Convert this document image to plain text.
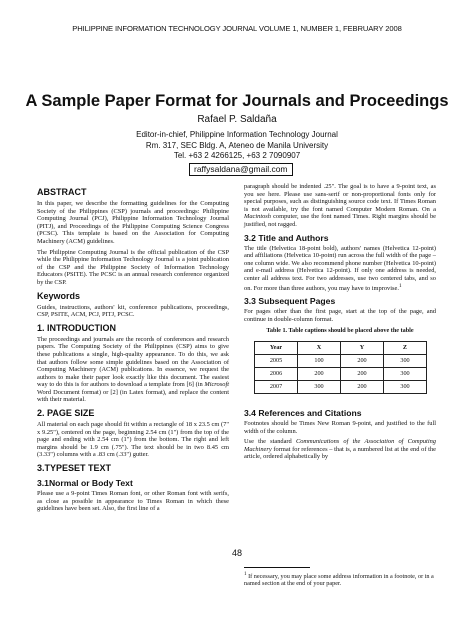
PHILIPPINE INFORMATION TECHNOLOGY JOURNAL VOLUME 1, NUMBER 1, FEBRUARY 2008
A Sample Paper Format for Journals and Proceedings
Rafael P. Saldaña
Editor-in-chief, Philippine Information Technology Journal
Rm. 317, SEC Bldg. A, Ateneo de Manila University
Tel. +63 2 4266125, +63 2 7090907
raffysaldana@gmail.com
ABSTRACT

In this paper, we describe the formatting guidelines for the Computing Society of the Philippines (CSP) journals and proceedings: Philippine Computing Journal (PCJ), Philippine Information Technology Journal (PITJ), and Proceedings of the Philippine Computing Science Congress (PCSC). This template is based on the Association for Computing Machinery (ACM) guidelines.

The Philippine Computing Journal is the official publication of the CSP while the Philippine Information Technology Journal is a joint publication of the CSP and the Philippine Society of Information Technology Educators (PSITE). The PCSC is an annual research conference organized by the CSP.

Keywords

Guides, instructions, authors' kit, conference publications, proceedings, CSP, PSITE, ACM, PCJ, PITJ, PCSC.

1. INTRODUCTION

The proceedings and journals are the records of conferences and research papers. The Computing Society of the Philippines (CSP) aims to give these publications a single, high-quality appearance. To do this, we ask that authors follow some simple guidelines based on the Association of Computing Machinery (ACM) publications. In essence, we request the authors to make their paper look exactly like this document. The easiest way to do this is for authors to download a template from [6] (in Microsoft Word Document format) or [2] (in Latex format), and replace the content with their material.

2. PAGE SIZE

All material on each page should fit within a rectangle of 18 x 23.5 cm (7" x 9.25"), centered on the page, beginning 2.54 cm (1") from the top of the page and ending with 2.54 cm (1") from the bottom. The right and left margins should be 1.9 cm (.75"). The text should be in two 8.45 cm (3.33") columns with a .83 cm (.33") gutter.

3.TYPESET TEXT
3.1Normal or Body Text

Please use a 9-point Times Roman font, or other Roman font with serifs, as close as possible in appearance to Times Roman in which these guidelines have been set. Also, the first line of a

paragraph should be indented .25". The goal is to have a 9-point text, as you see here. Please use sans-serif or non-proportional fonts only for special purposes, such as distinguishing source code text. If Times Roman is not available, try the font named Computer Modern Roman. On a Macintosh computer, use the font named Times. Right margins should be justified, not ragged.

3.2 Title and Authors

The title (Helvetica 18-point bold), authors' names (Helvetica 12-point) and affiliations (Helvetica 10-point) run across the full width of the page – one column wide. We also recommend phone number (Helvetica 10-point) and e-mail address (Helvetica 12-point). If only one address is needed, center all address text. For two addresses, use two centered tabs, and so on. For more than three authors, you may have to improvise.$^1$

3.3 Subsequent Pages

For pages other than the first page, start at the top of the page, and continue in double-column format.

Table 1. Table captions should be placed above the table
Year	X	Y	Z
2005	100	200	300
2006	200	200	300
2007	300	200	300
3.4 References and Citations

Footnotes should be Times New Roman 9-point, and justified to the full width of the column.

Use the standard Communications of the Association of Computing Machinery format for references – that is, a numbered list at the end of the article, ordered alphabetically by

48
$^1$ If necessary, you may place some address information in a footnote, or in a named section at the end of your paper.
